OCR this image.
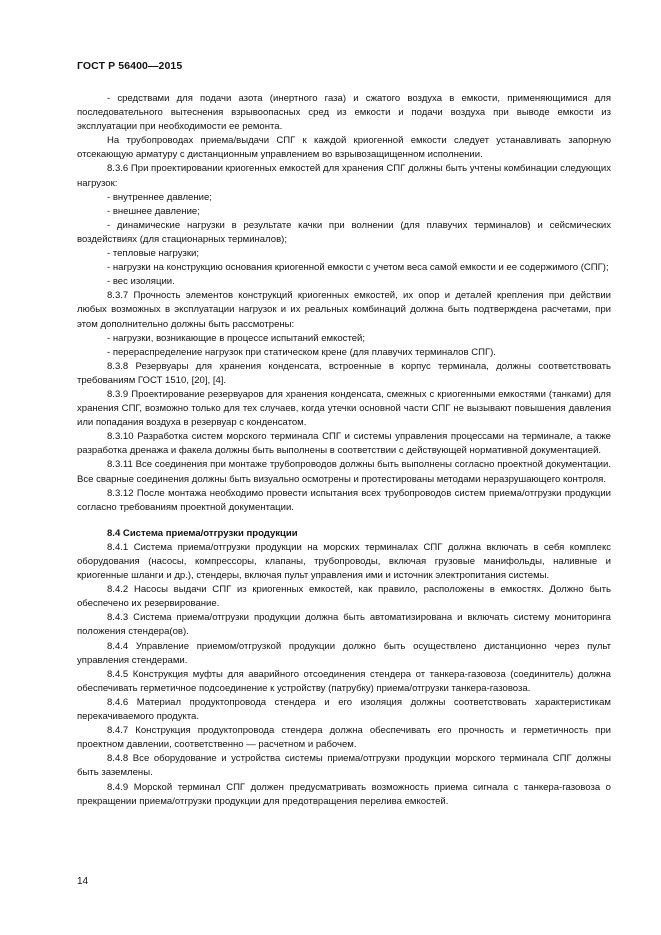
ГОСТ Р 56400—2015

- средствами для подачи азота (инертного газа) и сжатого воздуха в емкости, применяющимися для последовательного вытеснения взрывоопасных сред из емкости и подачи воздуха при выводе емкости из эксплуатации при необходимости ее ремонта.

На трубопроводах приема/выдачи СПГ к каждой криогенной емкости следует устанавливать запорную отсекающую арматуру с дистанционным управлением во взрывозащищенном исполнении.

8.3.6 При проектировании криогенных емкостей для хранения СПГ должны быть учтены комбинации следующих нагрузок:

- внутреннее давление;

- внешнее давление;

- динамические нагрузки в результате качки при волнении (для плавучих терминалов) и сейсмических воздействиях (для стационарных терминалов);

- тепловые нагрузки;

- нагрузки на конструкцию основания криогенной емкости с учетом веса самой емкости и ее содержимого (СПГ);

- вес изоляции.

8.3.7 Прочность элементов конструкций криогенных емкостей, их опор и деталей крепления при действии любых возможных в эксплуатации нагрузок и их реальных комбинаций должна быть подтверждена расчетами, при этом дополнительно должны быть рассмотрены:

- нагрузки, возникающие в процессе испытаний емкостей;

- перераспределение нагрузок при статическом крене (для плавучих терминалов СПГ).

8.3.8 Резервуары для хранения конденсата, встроенные в корпус терминала, должны соответствовать требованиям ГОСТ 1510, [20], [4].

8.3.9 Проектирование резервуаров для хранения конденсата, смежных с криогенными емкостями (танками) для хранения СПГ, возможно только для тех случаев, когда утечки основной части СПГ не вызывают повышения давления или попадания воздуха в резервуар с конденсатом.

8.3.10 Разработка систем морского терминала СПГ и системы управления процессами на терминале, а также разработка дренажа и факела должны быть выполнены в соответствии с действующей нормативной документацией.

8.3.11 Все соединения при монтаже трубопроводов должны быть выполнены согласно проектной документации. Все сварные соединения должны быть визуально осмотрены и протестированы методами неразрушающего контроля.

8.3.12 После монтажа необходимо провести испытания всех трубопроводов систем приема/отгрузки продукции согласно требованиям проектной документации.

8.4 Система приема/отгрузки продукции

8.4.1 Система приема/отгрузки продукции на морских терминалах СПГ должна включать в себя комплекс оборудования (насосы, компрессоры, клапаны, трубопроводы, включая грузовые манифольды, наливные и криогенные шланги и др.), стендеры, включая пульт управления ими и источник электропитания системы.

8.4.2 Насосы выдачи СПГ из криогенных емкостей, как правило, расположены в емкостях. Должно быть обеспечено их резервирование.

8.4.3 Система приема/отгрузки продукции должна быть автоматизирована и включать систему мониторинга положения стендера(ов).

8.4.4 Управление приемом/отгрузкой продукции должно быть осуществлено дистанционно через пульт управления стендерами.

8.4.5 Конструкция муфты для аварийного отсоединения стендера от танкера-газовоза (соединитель) должна обеспечивать герметичное подсоединение к устройству (патрубку) приема/отгрузки танкера-газовоза.

8.4.6 Материал продуктопровода стендера и его изоляция должны соответствовать характеристикам перекачиваемого продукта.

8.4.7 Конструкция продуктопровода стендера должна обеспечивать его прочность и герметичность при проектном давлении, соответственно — расчетном и рабочем.

8.4.8 Все оборудование и устройства системы приема/отгрузки продукции морского терминала СПГ должны быть заземлены.

8.4.9 Морской терминал СПГ должен предусматривать возможность приема сигнала с танкера-газовоза о прекращении приема/отгрузки продукции для предотвращения перелива емкостей.

14
